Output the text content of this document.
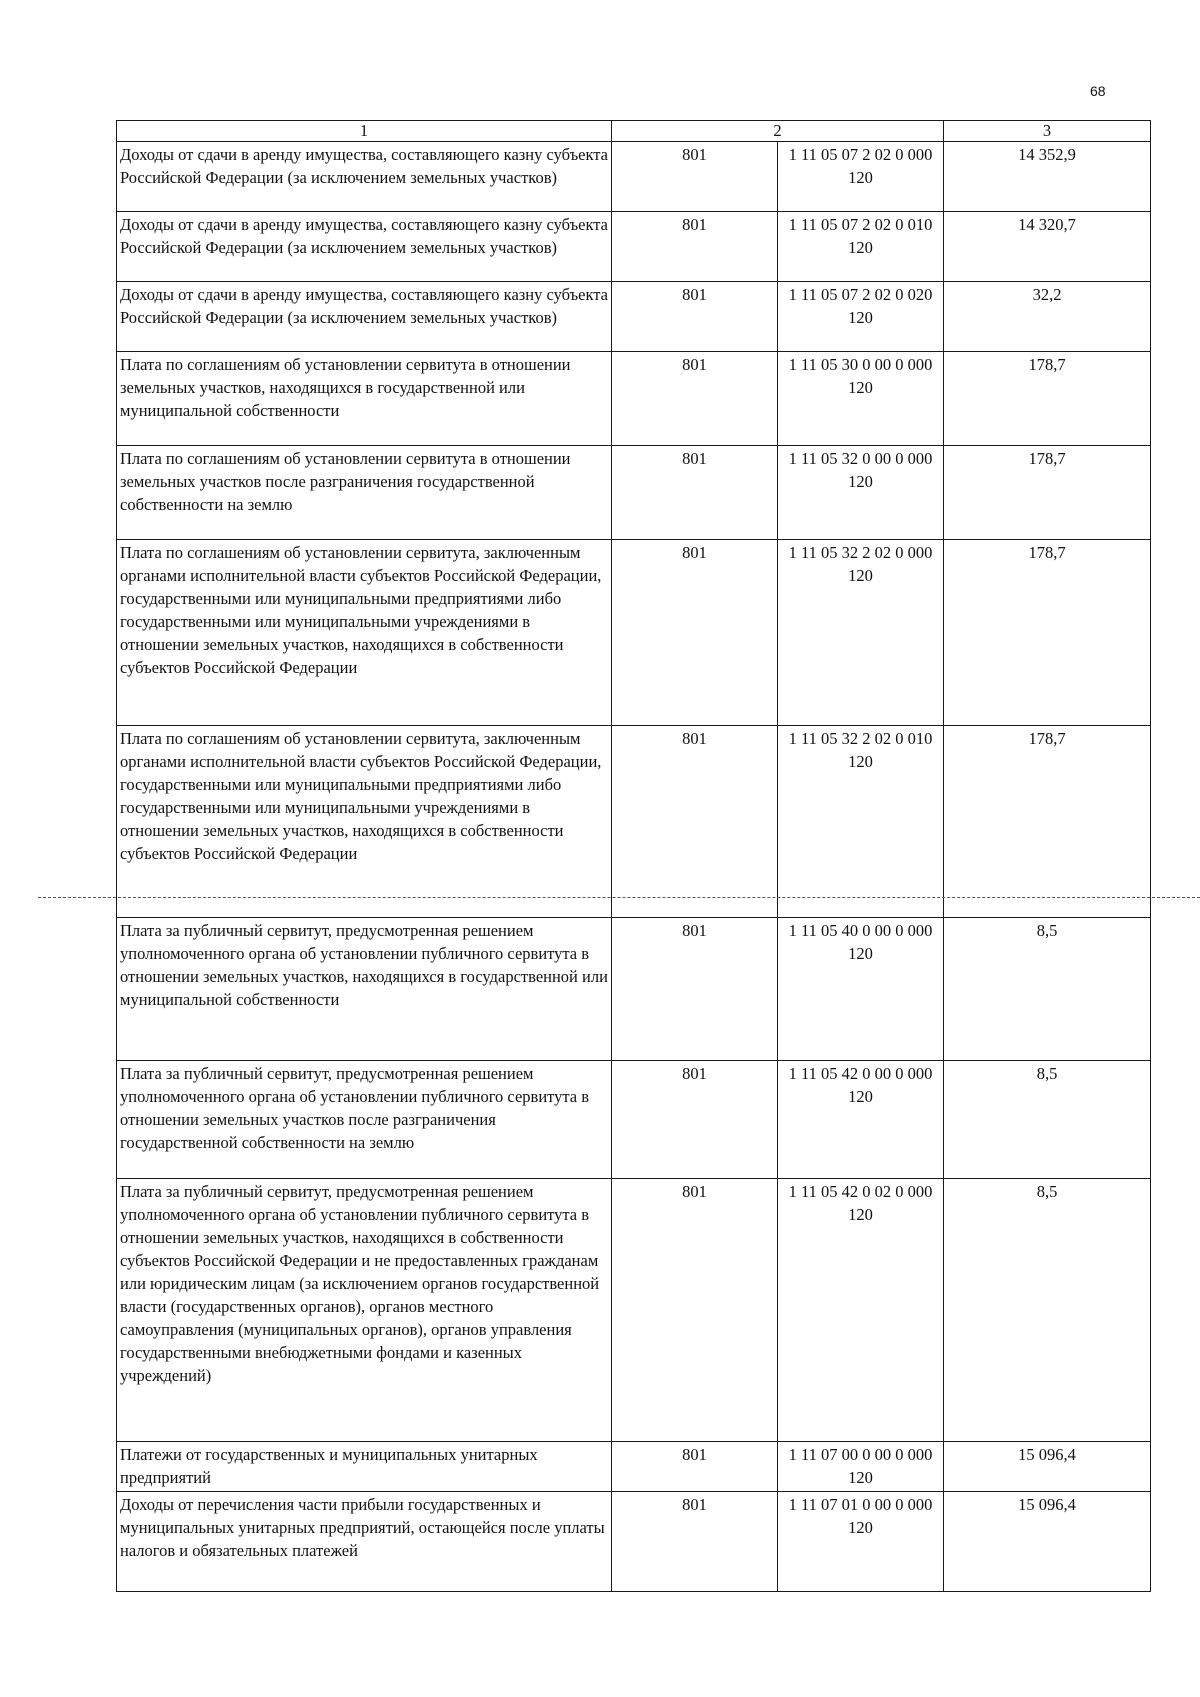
68
1	2		3
Доходы от сдачи в аренду имущества, составляющего казну субъекта Российской Федерации (за исключением земельных участков)	801	1 11 05 07 2 02 0 000 120	14 352,9
Доходы от сдачи в аренду имущества, составляющего казну субъекта Российской Федерации (за исключением земельных участков)	801	1 11 05 07 2 02 0 010 120	14 320,7
Доходы от сдачи в аренду имущества, составляющего казну субъекта Российской Федерации (за исключением земельных участков)	801	1 11 05 07 2 02 0 020 120	32,2
Плата по соглашениям об установлении сервитута в отношении земельных участков, находящихся в государственной или муниципальной собственности	801	1 11 05 30 0 00 0 000 120	178,7
Плата по соглашениям об установлении сервитута в отношении земельных участков после разграничения государственной собственности на землю	801	1 11 05 32 0 00 0 000 120	178,7
Плата по соглашениям об установлении сервитута, заключенным органами исполнительной власти субъектов Российской Федерации, государственными или муниципальными предприятиями либо государственными или муниципальными учреждениями в отношении земельных участков, находящихся в собственности субъектов Российской Федерации	801	1 11 05 32 2 02 0 000 120	178,7
Плата по соглашениям об установлении сервитута, заключенным органами исполнительной власти субъектов Российской Федерации, государственными или муниципальными предприятиями либо государственными или муниципальными учреждениями в отношении земельных участков, находящихся в собственности субъектов Российской Федерации	801	1 11 05 32 2 02 0 010 120	178,7
Плата за публичный сервитут, предусмотренная решением уполномоченного органа об установлении публичного сервитута в отношении земельных участков, находящихся в государственной или муниципальной собственности	801	1 11 05 40 0 00 0 000 120	8,5
Плата за публичный сервитут, предусмотренная решением уполномоченного органа об установлении публичного сервитута в отношении земельных участков после разграничения государственной собственности на землю	801	1 11 05 42 0 00 0 000 120	8,5
Плата за публичный сервитут, предусмотренная решением уполномоченного органа об установлении публичного сервитута в отношении земельных участков, находящихся в собственности субъектов Российской Федерации и не предоставленных гражданам или юридическим лицам (за исключением органов государственной власти (государственных органов), органов местного самоуправления (муниципальных органов), органов управления государственными внебюджетными фондами и казенных учреждений)	801	1 11 05 42 0 02 0 000 120	8,5
Платежи от государственных и муниципальных унитарных предприятий	801	1 11 07 00 0 00 0 000 120	15 096,4
Доходы от перечисления части прибыли государственных и муниципальных унитарных предприятий, остающейся после уплаты налогов и обязательных платежей	801	1 11 07 01 0 00 0 000 120	15 096,4
